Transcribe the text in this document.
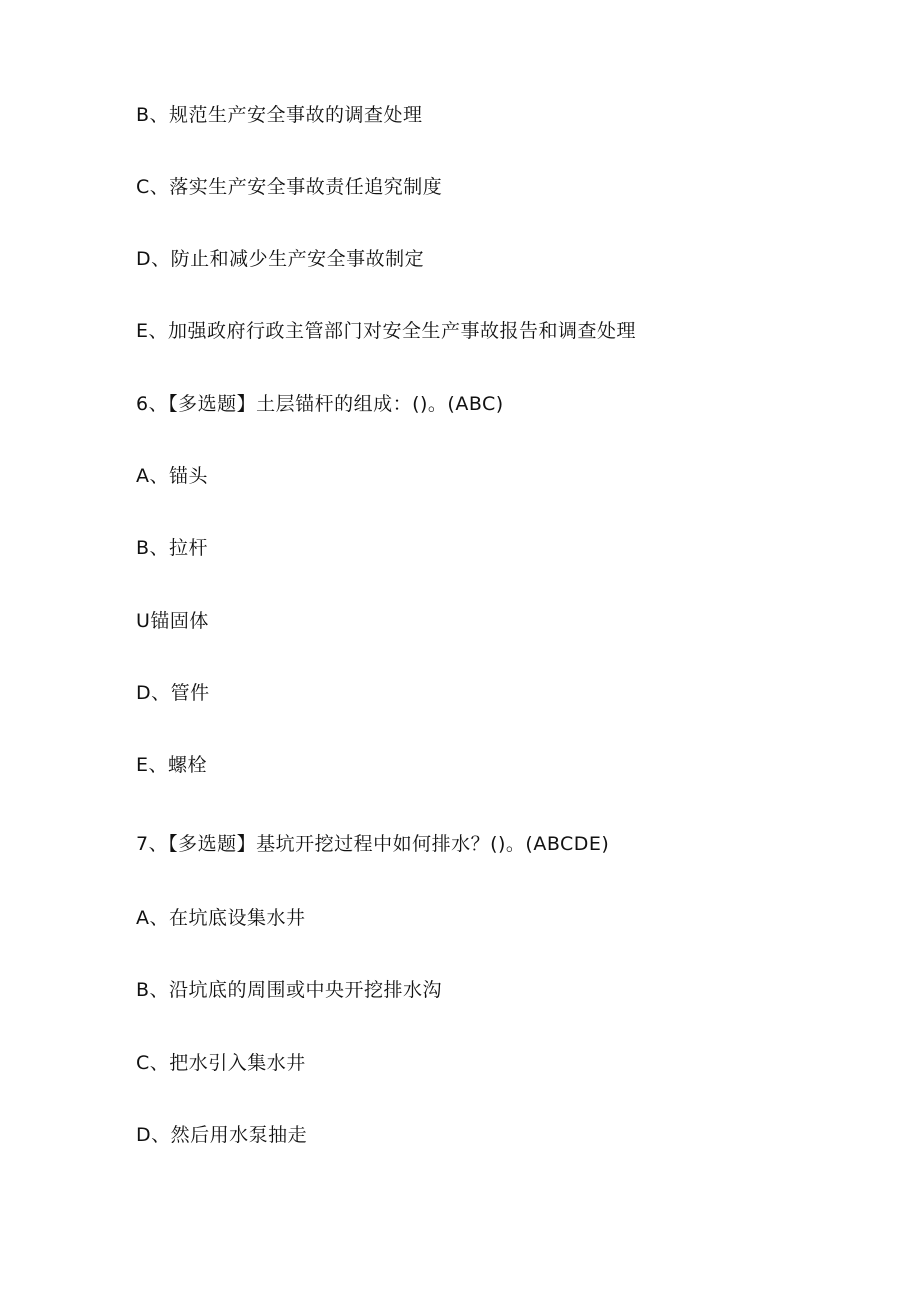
B、规范生产安全事故的调查处理
C、落实生产安全事故责任追究制度
D、防止和减少生产安全事故制定
E、加强政府行政主管部门对安全生产事故报告和调查处理
6、【多选题】土层锚杆的组成：()。(ABC)
A、锚头
B、拉杆
U锚固体
D、管件
E、螺栓
7、【多选题】基坑开挖过程中如何排水？()。(ABCDE)
A、在坑底设集水井
B、沿坑底的周围或中央开挖排水沟
C、把水引入集水井
D、然后用水泵抽走
